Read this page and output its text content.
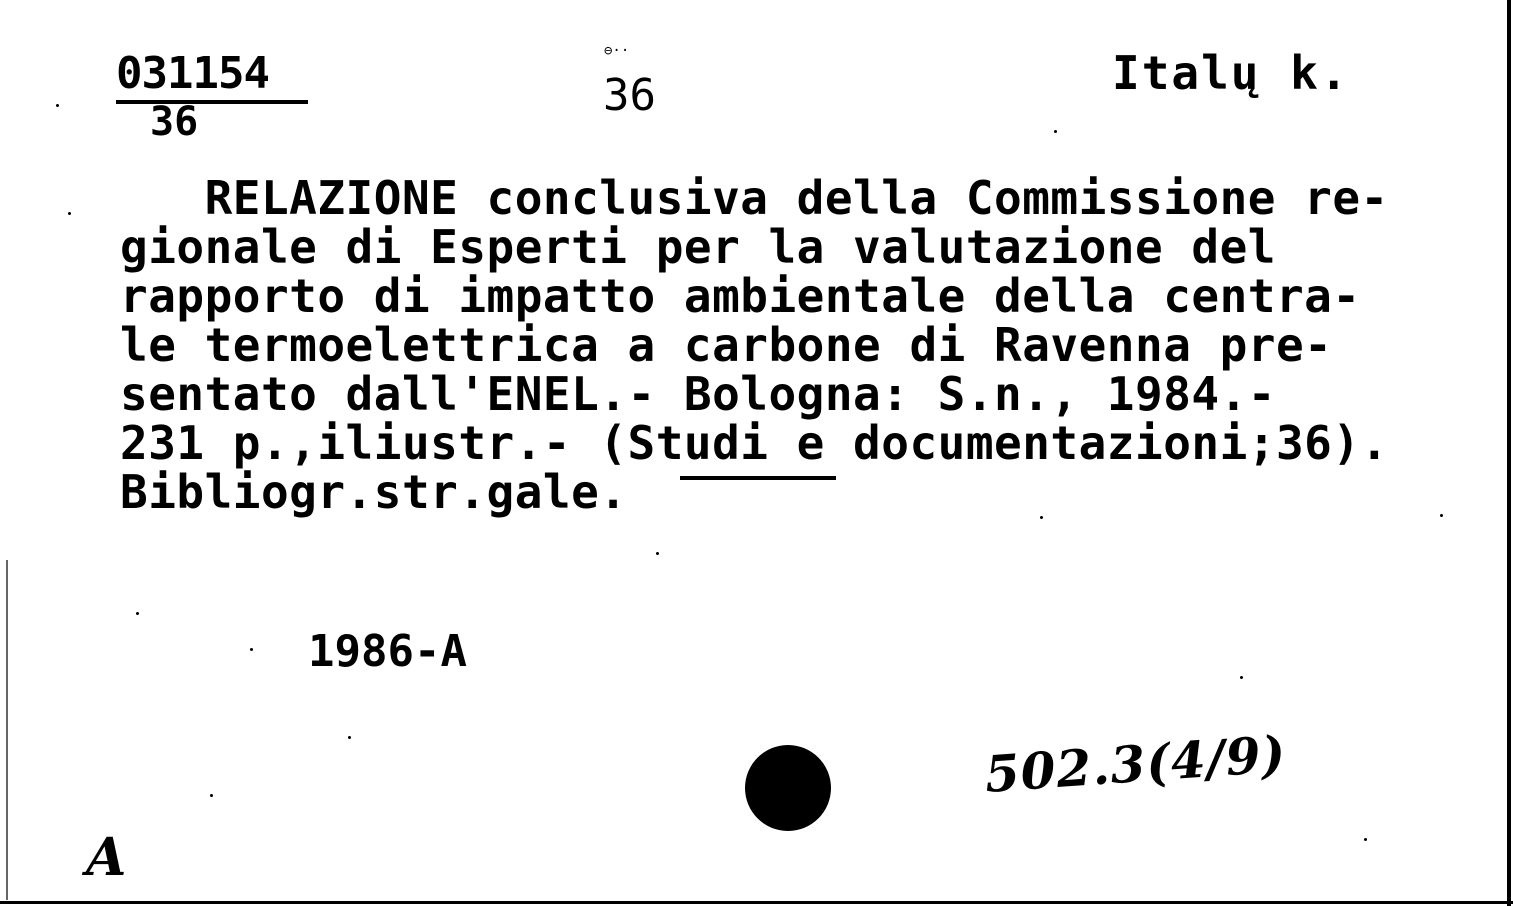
031154
36
⊖··
36	Italų k.
RELAZIONE conclusiva della Commissione re-
gionale di Esperti per la valutazione del
rapporto di impatto ambientale della centra-
le termoelettrica a carbone di Ravenna pre-
sentato dall'ENEL.- Bologna: S.n., 1984.-
231 p.,iliustr.- (Studi e documentazioni;36).
Bibliogr.str.gale.
1986-A
502.3(4/9)
A
